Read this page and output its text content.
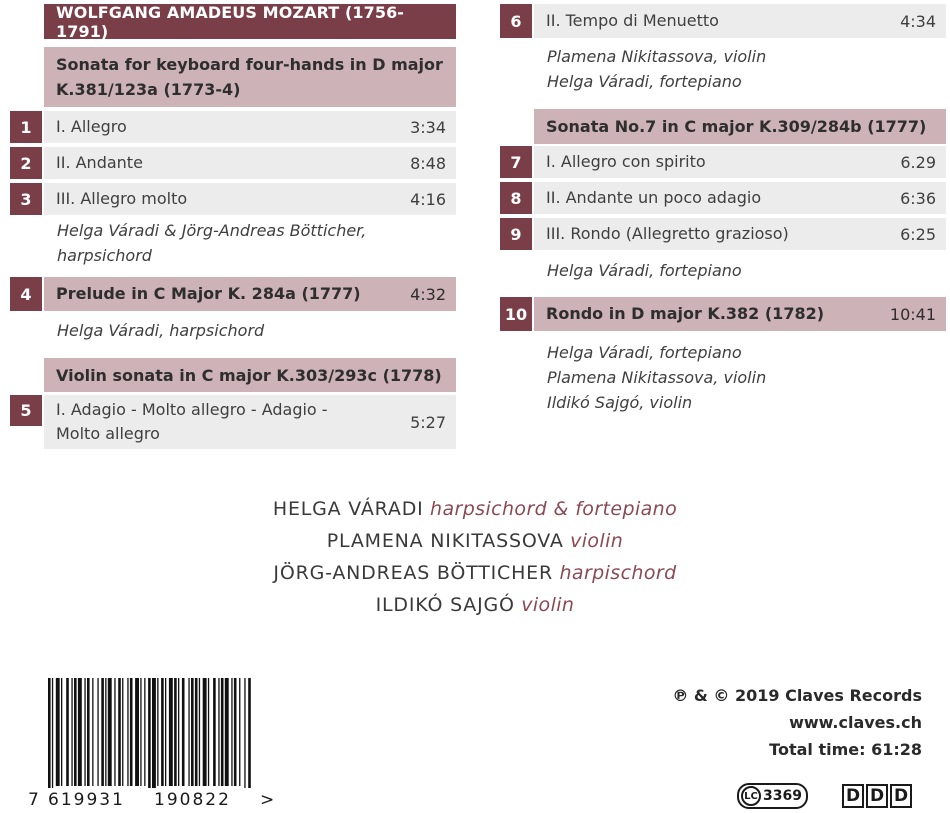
WOLFGANG AMADEUS MOZART (1756-1791)
Sonata for keyboard four-hands in D major K.381/123a (1773-4)
1 I. Allegro	3:34
2 II. Andante	8:48
3 III. Allegro molto	4:16
Helga Váradi & Jörg-Andreas Bötticher, harpsichord
4 Prelude in C Major K. 284a (1777)	4:32
Helga Váradi, harpsichord
Violin sonata in C major K.303/293c (1778)
5 I. Adagio - Molto allegro - Adagio - Molto allegro
5:27
6 II. Tempo di Menuetto	4:34
Plamena Nikitassova, violin
Helga Váradi, fortepiano
Sonata No.7 in C major K.309/284b (1777)
7 I. Allegro con spirito	6.29
8 II. Andante un poco adagio	6:36
9 III. Rondo (Allegretto grazioso)	6:25
Helga Váradi, fortepiano
10 Rondo in D major K.382 (1782)	10:41
Helga Váradi, fortepiano
Plamena Nikitassova, violin
Ildikó Sajgó, violin
HELGA VÁRADI harpsichord & fortepiano
PLAMENA NIKITASSOVA violin
JÖRG-ANDREAS BÖTTICHER harpischord
ILDIKÓ SAJGÓ violin
7 619931 190822 >
℗ & © 2019 Claves Records
www.claves.ch
Total time: 61:28
LC 3369	D D D
